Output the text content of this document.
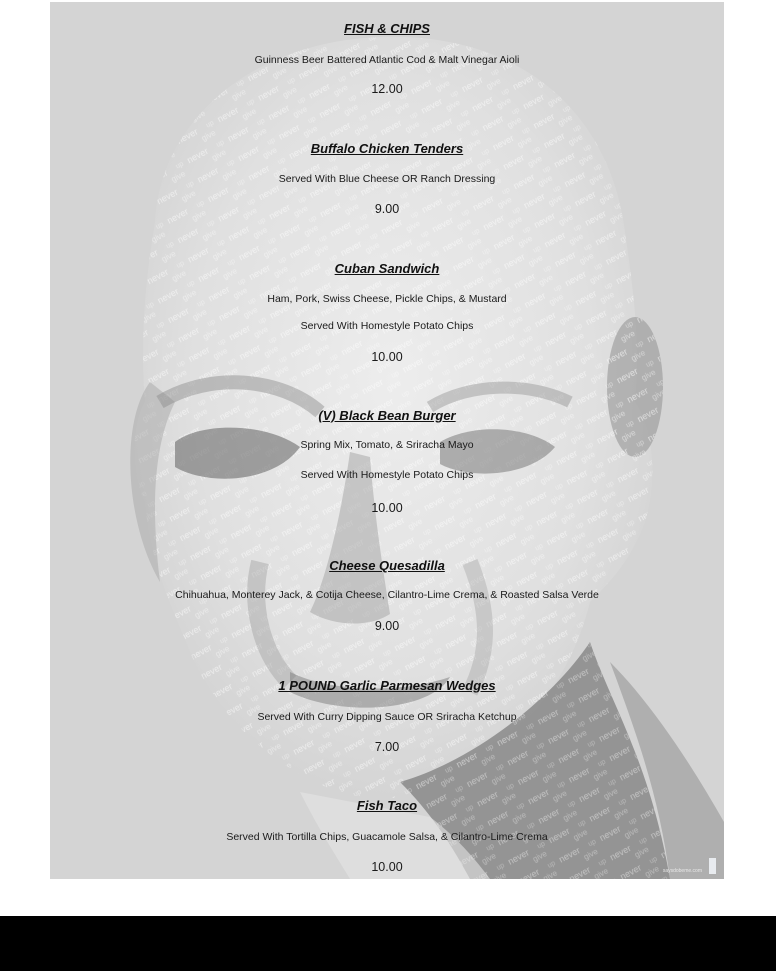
FISH & CHIPS
Guinness Beer Battered Atlantic Cod & Malt Vinegar Aioli
12.00
Buffalo Chicken Tenders
Served With Blue Cheese OR Ranch Dressing
9.00
Cuban Sandwich
Ham, Pork, Swiss Cheese, Pickle Chips, & Mustard
Served With Homestyle Potato Chips
10.00
(V) Black Bean Burger
Spring Mix, Tomato, & Sriracha Mayo
Served With Homestyle Potato Chips
10.00
Cheese Quesadilla
Chihuahua, Monterey Jack, & Cotija Cheese, Cilantro-Lime Crema, & Roasted Salsa Verde
9.00
1 POUND Garlic Parmesan Wedges
Served With Curry Dipping Sauce OR Sriracha Ketchup
7.00
Fish Taco
Served With Tortilla Chips, Guacamole Salsa, & Cilantro-Lime Crema
10.00	saysdobeme.com
